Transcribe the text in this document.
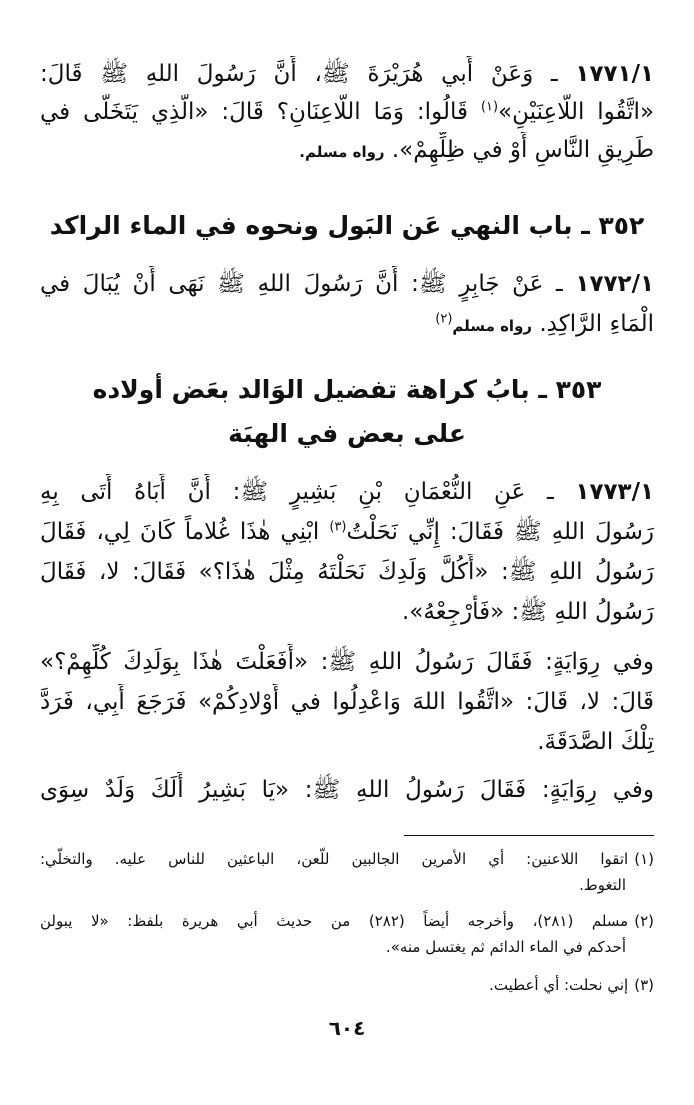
١٧٧١/١ ـ وَعَنْ أَبي هُرَيْرَةَ ﷺ، أَنَّ رَسُولَ اللهِ ﷺ قَالَ:
«اتَّقُوا اللَّاعِنَيْنِ»$^{(١)}$ قَالُوا: وَمَا اللَّاعِنَانِ؟ قَالَ: «الَّذِي يَتَخَلَّى في
طَرِيقِ النَّاسِ أَوْ في ظِلِّهِمْ». رواه مسلم.
٣٥٢ ـ باب النهي عَن البَول ونحوه في الماء الراكد
١٧٧٢/١ ـ عَنْ جَابِرٍ ﷺ: أَنَّ رَسُولَ اللهِ ﷺ نَهَى أَنْ يُبَالَ في
الْمَاءِ الرَّاكِدِ. رواه مسلم$^{(٢)}$
٣٥٣ ـ بابُ كراهة تفضيل الوَالد بعَض أولاده
على بعض في الهبَة
١٧٧٣/١ ـ عَنِ النُّعْمَانِ بْنِ بَشِيرٍ ﷺ: أَنَّ أَبَاهُ أَتَى بِهِ
رَسُولَ اللهِ ﷺ فَقَالَ: إِنِّي نَحَلْتُ$^{(٣)}$ ابْنِي هٰذَا غُلاماً كَانَ لِي، فَقَالَ
رَسُولُ اللهِ ﷺ: «أَكُلَّ وَلَدِكَ نَحَلْتَهُ مِثْلَ هٰذَا؟» فَقَالَ: لا، فَقَالَ
رَسُولُ اللهِ ﷺ: «فَأَرْجِعْهُ».
وفي رِوَايَةٍ: فَقَالَ رَسُولُ اللهِ ﷺ: «أَفَعَلْتَ هٰذَا بِوَلَدِكَ كُلِّهِمْ؟»
قَالَ: لا، قَالَ: «اتَّقُوا اللهَ وَاعْدِلُوا في أَوْلادِكُمْ» فَرَجَعَ أَبِي، فَرَدَّ
تِلْكَ الصَّدَقَةَ.
وفي رِوَايَةٍ: فَقَالَ رَسُولُ اللهِ ﷺ: «يَا بَشِيرُ أَلَكَ وَلَدٌ سِوَى
(١)اتقوا اللاعنين: أي الأمرين الجالبين للّعن، الباعثين للناس عليه. والتخلّي:
التغوط.
(٢)مسلم (٢٨١)، وأخرجه أيضاً (٢٨٢) من حديث أبي هريرة بلفظ: «لا يبولن
أحدكم في الماء الدائم ثم يغتسل منه».
(٣)إني نحلت: أي أعطيت.
٦٠٤
